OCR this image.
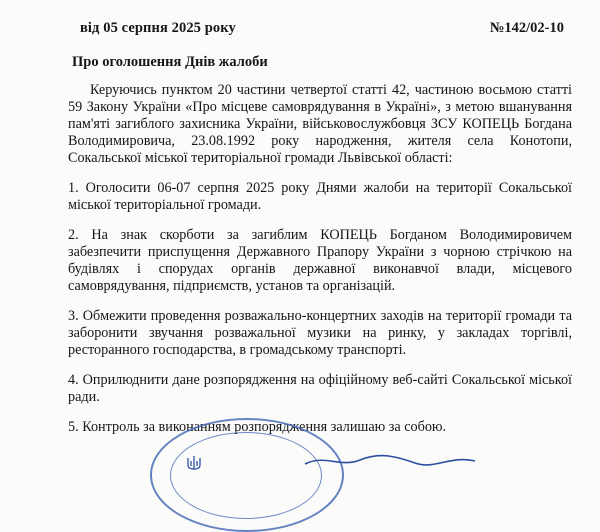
від 05 серпня 2025 року	№142/02-10
Про оголошення Днів жалоби

Керуючись пунктом 20 частини четвертої статті 42, частиною восьмою статті 59 Закону України «Про місцеве самоврядування в Україні», з метою вшанування пам'яті загиблого захисника України, військовослужбовця ЗСУ КОПЕЦЬ Богдана Володимировича, 23.08.1992 року народження, жителя села Конотопи, Сокальської міської територіальної громади Львівської області:

1. Оголосити 06-07 серпня 2025 року Днями жалоби на території Сокальської міської територіальної громади.

2. На знак скорботи за загиблим КОПЕЦЬ Богданом Володимировичем забезпечити приспущення Державного Прапору України з чорною стрічкою на будівлях і спорудах органів державної виконавчої влади, місцевого самоврядування, підприємств, установ та організацій.

3. Обмежити проведення розважально-концертних заходів на території громади та заборонити звучання розважальної музики на ринку, у закладах торгівлі, ресторанного господарства, в громадському транспорті.

4. Оприлюднити дане розпорядження на офіційному веб-сайті Сокальської міської ради.

5. Контроль за виконанням розпорядження залишаю за собою.
